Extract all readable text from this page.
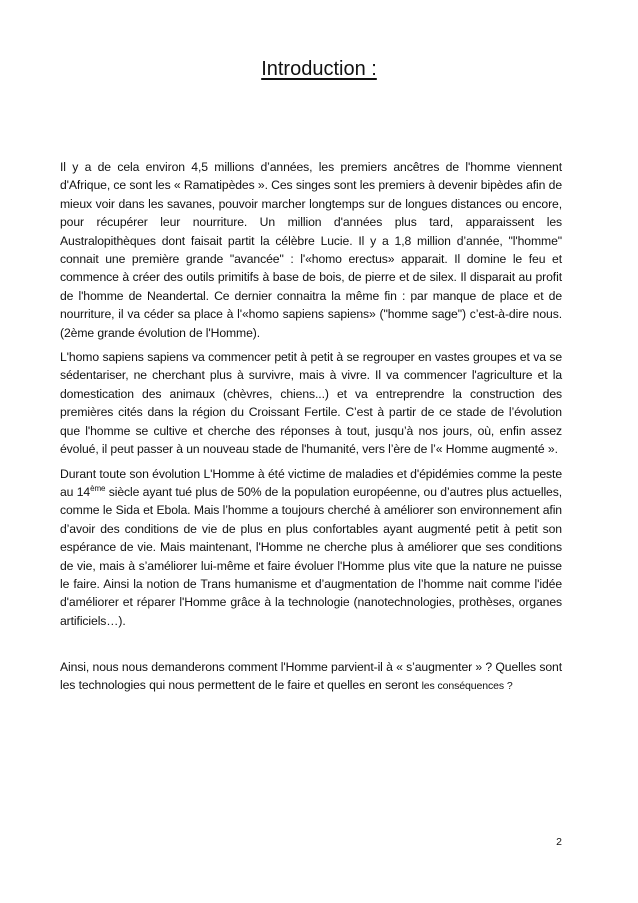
Introduction :

Il y a de cela environ 4,5 millions d’années, les premiers ancêtres de l'homme viennent d'Afrique, ce sont les « Ramatipèdes ». Ces singes sont les premiers à devenir bipèdes afin de mieux voir dans les savanes, pouvoir marcher longtemps sur de longues distances ou encore, pour récupérer leur nourriture. Un million d'années plus tard, apparaissent les Australopithèques dont faisait partit la célèbre Lucie. Il y a 1,8 million d’année, "l'homme" connait une première grande "avancée" : l'«homo erectus» apparait. Il domine le feu et commence à créer des outils primitifs à base de bois, de pierre et de silex. Il disparait au profit de l'homme de Neandertal. Ce dernier connaitra la même fin : par manque de place et de nourriture, il va céder sa place à l'«homo sapiens sapiens» ("homme sage") c’est-à-dire nous. (2ème grande évolution de l'Homme).

L'homo sapiens sapiens va commencer petit à petit à se regrouper en vastes groupes et va se sédentariser, ne cherchant plus à survivre, mais à vivre. Il va commencer l'agriculture et la domestication des animaux (chèvres, chiens...) et va entreprendre la construction des premières cités dans la région du Croissant Fertile. C’est à partir de ce stade de l’évolution que l'homme se cultive et cherche des réponses à tout, jusqu’à nos jours, où, enfin assez évolué, il peut passer à un nouveau stade de l'humanité, vers l’ère de l’« Homme augmenté ».

Durant toute son évolution L'Homme à été victime de maladies et d'épidémies comme la peste au 14ème siècle ayant tué plus de 50% de la population européenne, ou d’autres plus actuelles, comme le Sida et Ebola. Mais l’homme a toujours cherché à améliorer son environnement afin d’avoir des conditions de vie de plus en plus confortables ayant augmenté petit à petit son espérance de vie. Mais maintenant, l'Homme ne cherche plus à améliorer que ses conditions de vie, mais à s’améliorer lui-même et faire évoluer l'Homme plus vite que la nature ne puisse le faire. Ainsi la notion de Trans humanisme et d’augmentation de l’homme nait comme l'idée d'améliorer et réparer l'Homme grâce à la technologie (nanotechnologies, prothèses, organes artificiels…).

Ainsi, nous nous demanderons comment l'Homme parvient-il à « s’augmenter » ? Quelles sont les technologies qui nous permettent de le faire et quelles en seront les conséquences ?

2
